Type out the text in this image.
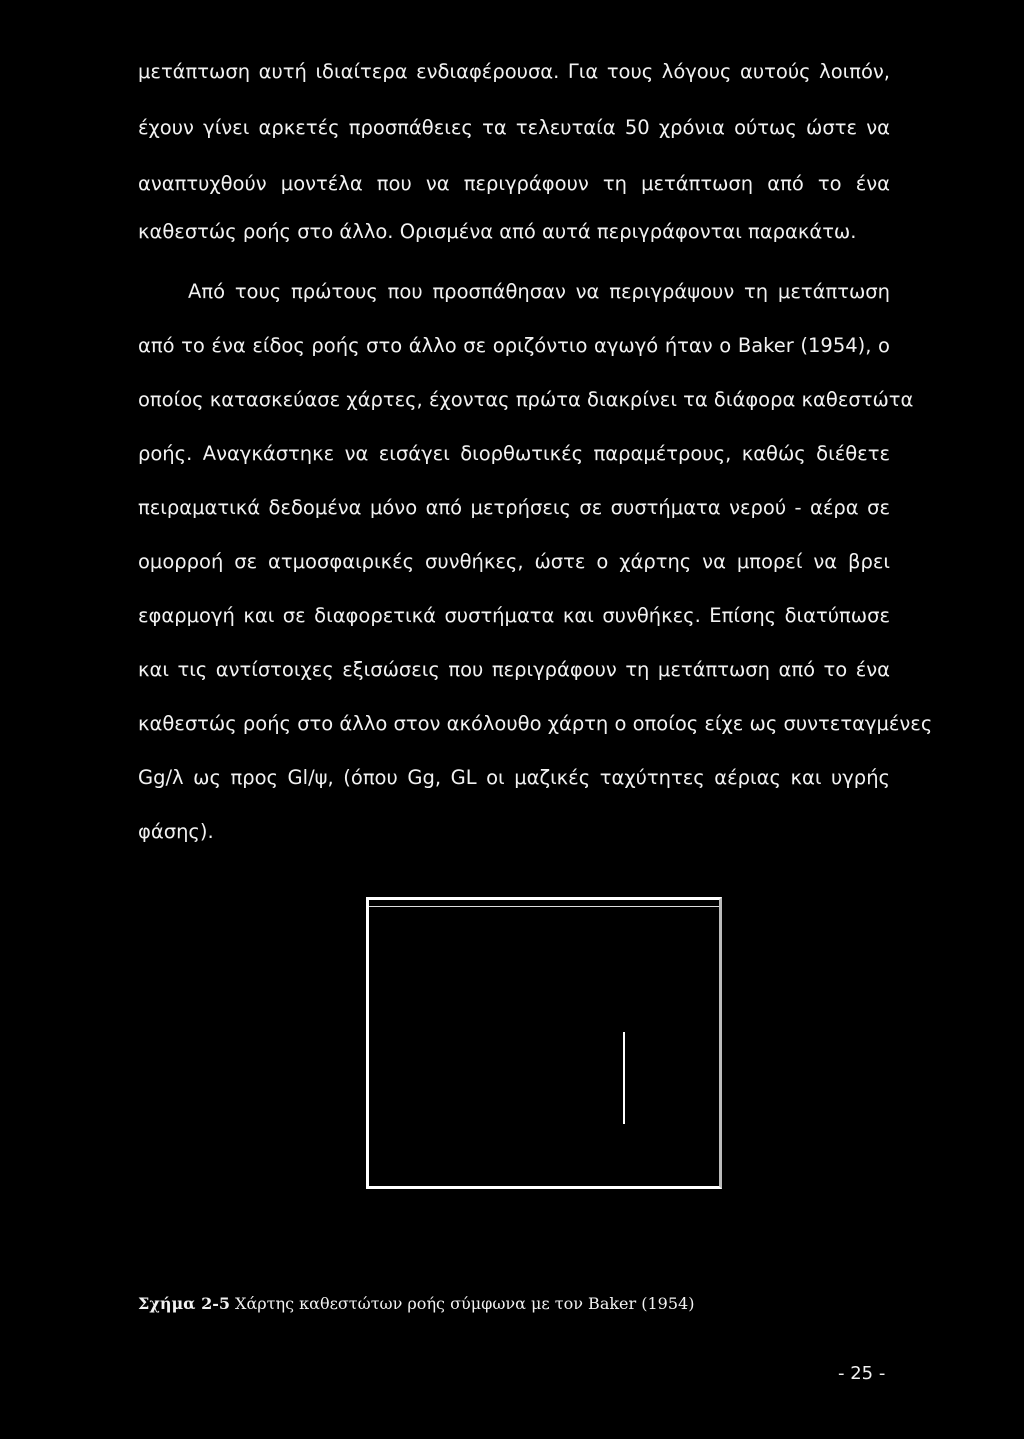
μετάπτωση αυτή ιδιαίτερα ενδιαφέρουσα. Για τους λόγους αυτούς λοιπόν,
έχουν γίνει αρκετές προσπάθειες τα τελευταία 50 χρόνια ούτως ώστε να
αναπτυχθούν μοντέλα που να περιγράφουν τη μετάπτωση από το ένα
καθεστώς ροής στο άλλο. Ορισμένα από αυτά περιγράφονται παρακάτω.
Από τους πρώτους που προσπάθησαν να περιγράψουν τη μετάπτωση
από το ένα είδος ροής στο άλλο σε οριζόντιο αγωγό ήταν ο Baker (1954), ο
οποίος κατασκεύασε χάρτες, έχοντας πρώτα διακρίνει τα διάφορα καθεστώτα
ροής. Αναγκάστηκε να εισάγει διορθωτικές παραμέτρους, καθώς διέθετε
πειραματικά δεδομένα μόνο από μετρήσεις σε συστήματα νερού - αέρα σε
ομορροή σε ατμοσφαιρικές συνθήκες, ώστε ο χάρτης να μπορεί να βρει
εφαρμογή και σε διαφορετικά συστήματα και συνθήκες. Επίσης διατύπωσε
και τις αντίστοιχες εξισώσεις που περιγράφουν τη μετάπτωση από το ένα
καθεστώς ροής στο άλλο στον ακόλουθο χάρτη ο οποίος είχε ως συντεταγμένες
Gg/λ ως προς Gl/ψ, (όπου Gg, GL οι μαζικές ταχύτητες αέριας και υγρής
φάσης).
Σχήμα 2-5 Χάρτης καθεστώτων ροής σύμφωνα με τον Baker (1954)
- 25 -
